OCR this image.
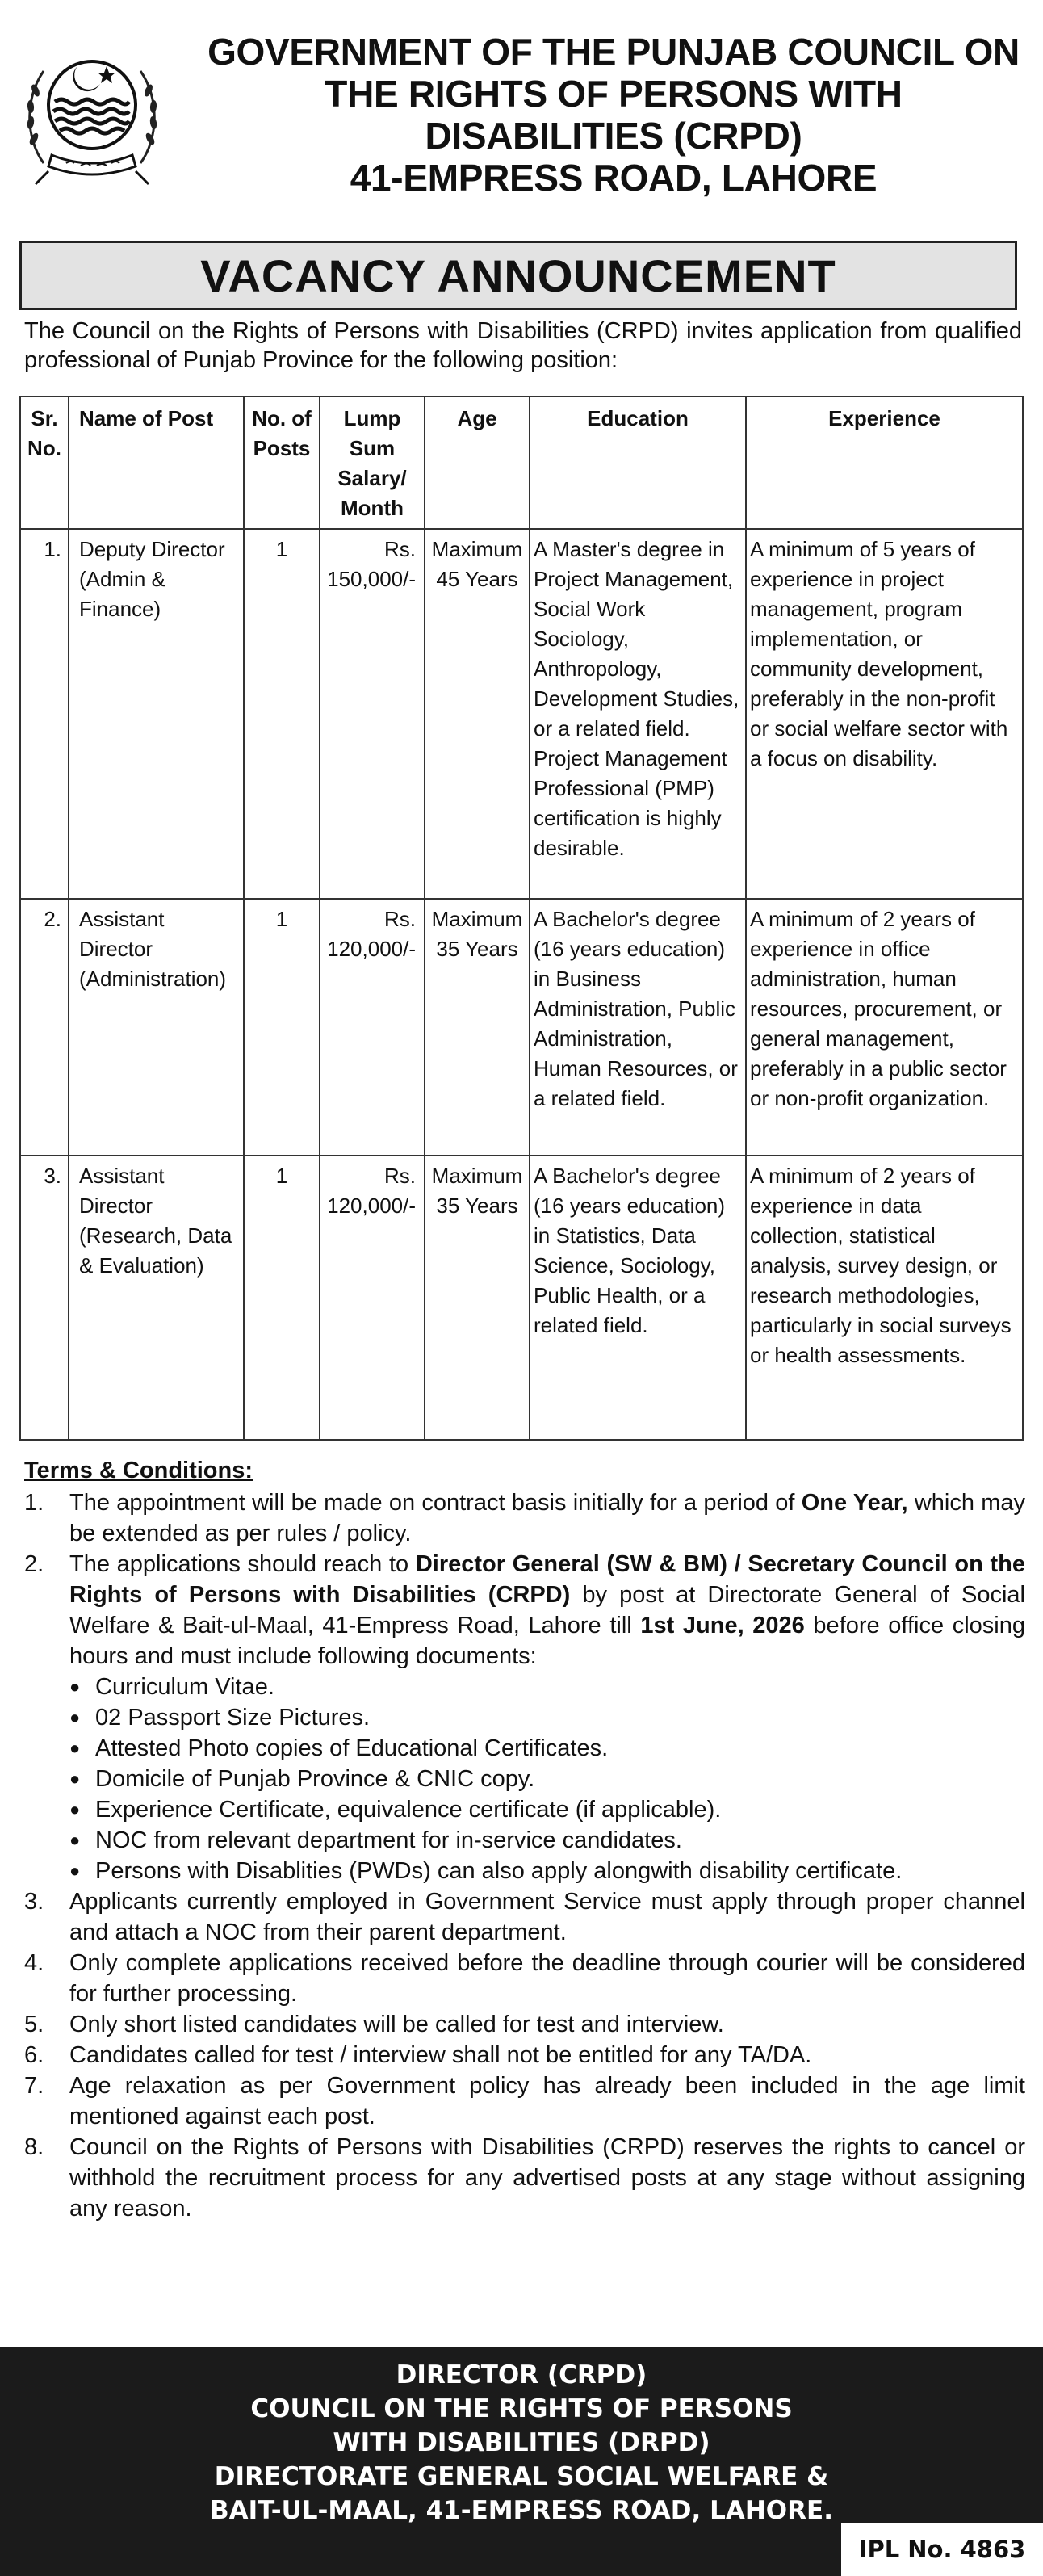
GOVERNMENT OF THE PUNJAB COUNCIL ON
THE RIGHTS OF PERSONS WITH
DISABILITIES (CRPD)
41-EMPRESS ROAD, LAHORE
VACANCY ANNOUNCEMENT
The Council on the Rights of Persons with Disabilities (CRPD) invites application from qualified professional of Punjab Province for the following position:
Sr. No.	Name of Post	No. of Posts	Lump Sum Salary/ Month	Age	Education	Experience
1.	Deputy Director (Admin & Finance)	1	Rs. 150,000/-	Maximum 45 Years	A Master's degree in Project Management, Social Work Sociology, Anthropology, Development Studies, or a related field. Project Management Professional (PMP) certification is highly desirable.	A minimum of 5 years of experience in project management, program implementation, or community development, preferably in the non-profit or social welfare sector with a focus on disability.
2.	Assistant Director (Administration)	1	Rs. 120,000/-	Maximum 35 Years	A Bachelor's degree (16 years education) in Business Administration, Public Administration, Human Resources, or a related field.	A minimum of 2 years of experience in office administration, human resources, procurement, or general management, preferably in a public sector or non-profit organization.
3.	Assistant Director (Research, Data & Evaluation)	1	Rs. 120,000/-	Maximum 35 Years	A Bachelor's degree (16 years education) in Statistics, Data Science, Sociology, Public Health, or a related field.	A minimum of 2 years of experience in data collection, statistical analysis, survey design, or research methodologies, particularly in social surveys or health assessments.
Terms & Conditions:
1.	The appointment will be made on contract basis initially for a period of One Year, which may be extended as per rules / policy.
2.	The applications should reach to Director General (SW & BM) / Secretary Council on the Rights of Persons with Disabilities (CRPD) by post at Directorate General of Social Welfare & Bait-ul-Maal, 41-Empress Road, Lahore till 1st June, 2026 before office closing hours and must include following documents:
● Curriculum Vitae.
● 02 Passport Size Pictures.
● Attested Photo copies of Educational Certificates.
● Domicile of Punjab Province & CNIC copy.
● Experience Certificate, equivalence certificate (if applicable).
● NOC from relevant department for in-service candidates.
● Persons with Disablities (PWDs) can also apply alongwith disability certificate.
3.	Applicants currently employed in Government Service must apply through proper channel and attach a NOC from their parent department.
4.	Only complete applications received before the deadline through courier will be considered for further processing.
5.	Only short listed candidates will be called for test and interview.
6.	Candidates called for test / interview shall not be entitled for any TA/DA.
7.	Age relaxation as per Government policy has already been included in the age limit mentioned against each post.
8.	Council on the Rights of Persons with Disabilities (CRPD) reserves the rights to cancel or withhold the recruitment process for any advertised posts at any stage without assigning any reason.
DIRECTOR (CRPD)
COUNCIL ON THE RIGHTS OF PERSONS
WITH DISABILITIES (DRPD)
DIRECTORATE GENERAL SOCIAL WELFARE &
BAIT-UL-MAAL, 41-EMPRESS ROAD, LAHORE.
IPL No. 4863
